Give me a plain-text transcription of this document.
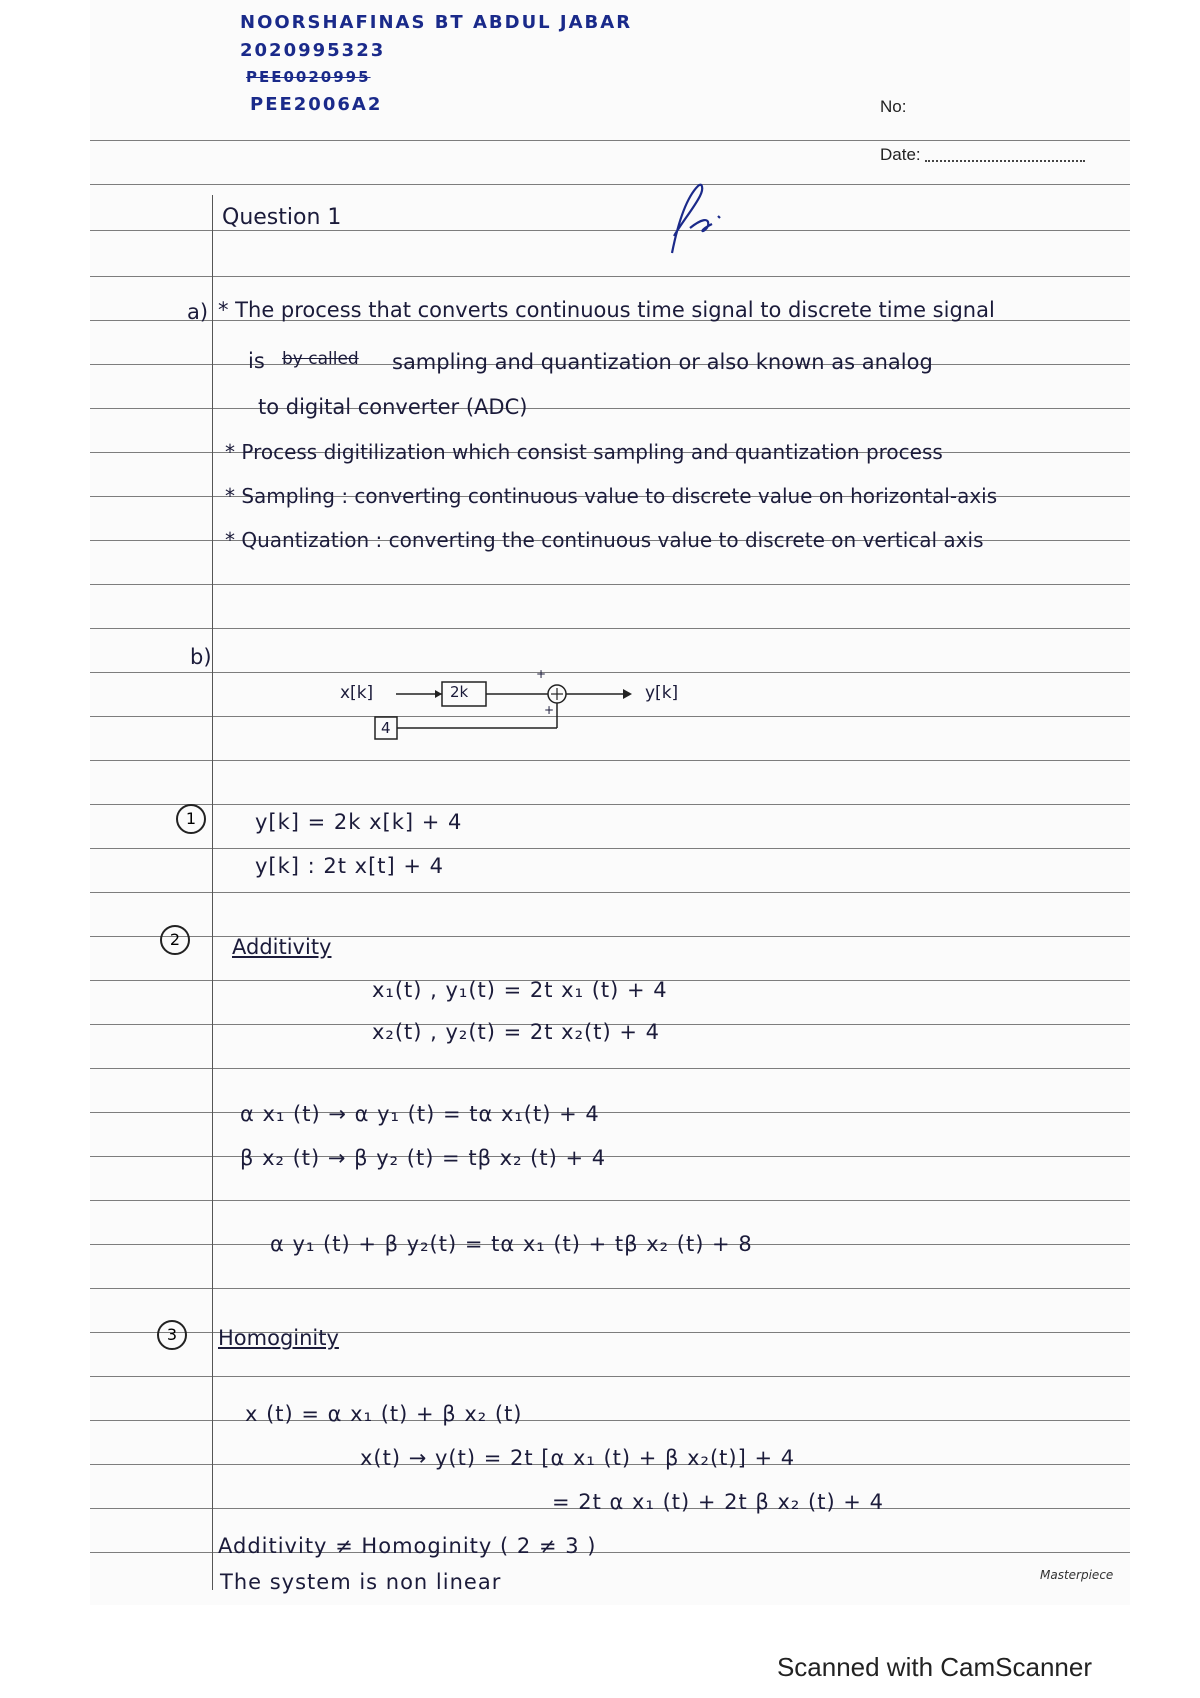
NOORSHAFINAS BT ABDUL JABAR
2020995323
PEE0020995
PEE2006A2	No:
Date:
Question 1
a) * The process that converts continuous time signal to discrete time signal
is by called sampling and quantization or also known as analog
to digital converter (ADC)
* Process digitilization which consist sampling and quantization process
* Sampling : converting continuous value to discrete value on horizontal-axis
* Quantization : converting the continuous value to discrete on vertical axis
b)
x[k]	2k
4
+
+
y[k]
1	y[k] = 2k x[k] + 4
y[k] : 2t x[t] + 4
2	Additivity
x₁(t) , y₁(t) = 2t x₁ (t) + 4
x₂(t) , y₂(t) = 2t x₂(t) + 4
α x₁ (t) → α y₁ (t) = tα x₁(t) + 4
β x₂ (t) → β y₂ (t) = tβ x₂ (t) + 4
α y₁ (t) + β y₂(t) = tα x₁ (t) + tβ x₂ (t) + 8
3	Homoginity
x (t) = α x₁ (t) + β x₂ (t)
x(t) → y(t) = 2t [α x₁ (t) + β x₂(t)] + 4
= 2t α x₁ (t) + 2t β x₂ (t) + 4
Additivity ≠ Homoginity ( 2 ≠ 3 )
The system is non linear	Masterpiece
Scanned with CamScanner
